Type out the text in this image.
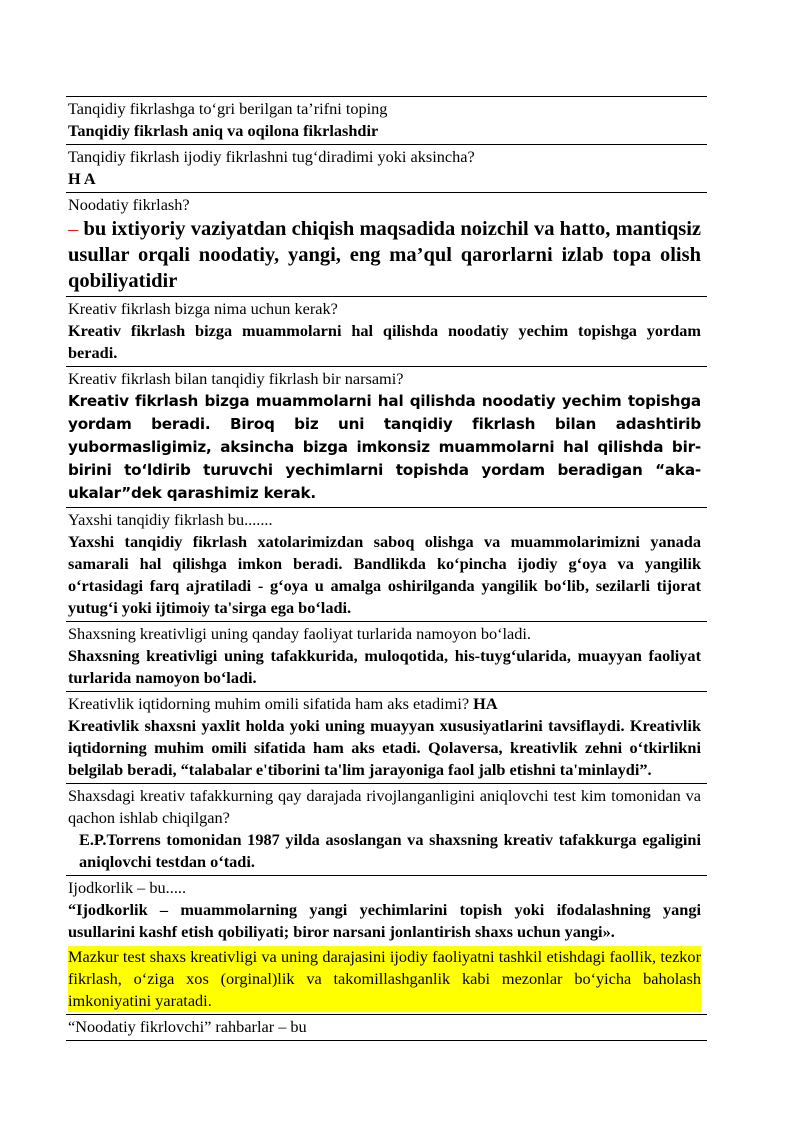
Tanqidiy fikrlashga to‘gri berilgan ta’rifni toping
Tanqidiy fikrlash aniq va oqilona fikrlashdir
Tanqidiy fikrlash ijodiy fikrlashni tug‘diradimi yoki aksincha?
H A
Noodatiy fikrlash?
– bu ixtiyoriy vaziyatdan chiqish maqsadida noizchil va hatto, mantiqsiz usullar orqali noodatiy, yangi, eng ma’qul qarorlarni izlab topa olish qobiliyatidir
Kreativ fikrlash bizga nima uchun kerak?
Kreativ fikrlash bizga muammolarni hal qilishda noodatiy yechim topishga yordam beradi.
Kreativ fikrlash bilan tanqidiy fikrlash bir narsami?
Kreativ fikrlash bizga muammolarni hal qilishda noodatiy yechim topishga yordam beradi. Biroq biz uni tanqidiy fikrlash bilan adashtirib yubormasligimiz, aksincha bizga imkonsiz muammolarni hal qilishda bir-birini to‘ldirib turuvchi yechimlarni topishda yordam beradigan “aka-ukalar”dek qarashimiz kerak.
Yaxshi tanqidiy fikrlash bu.......
Yaxshi tanqidiy fikrlash xatolarimizdan saboq olishga va muammolarimizni yanada samarali hal qilishga imkon beradi. Bandlikda ko‘pincha ijodiy g‘oya va yangilik o‘rtasidagi farq ajratiladi - g‘oya u amalga oshirilganda yangilik bo‘lib, sezilarli tijorat yutug‘i yoki ijtimoiy ta'sirga ega bo‘ladi.
Shaxsning kreativligi uning qanday faoliyat turlarida namoyon bo‘ladi.
Shaxsning kreativligi uning tafakkurida, muloqotida, his-tuyg‘ularida, muayyan faoliyat turlarida namoyon bo‘ladi.
Kreativlik iqtidorning muhim omili sifatida ham aks etadimi? HA
Kreativlik shaxsni yaxlit holda yoki uning muayyan xususiyatlarini tavsiflaydi. Kreativlik iqtidorning muhim omili sifatida ham aks etadi. Qolaversa, kreativlik zehni o‘tkirlikni belgilab beradi, “talabalar e'tiborini ta'lim jarayoniga faol jalb etishni ta'minlaydi”.
Shaxsdagi kreativ tafakkurning qay darajada rivojlanganligini aniqlovchi test kim tomonidan va qachon ishlab chiqilgan?
E.P.Torrens tomonidan 1987 yilda asoslangan va shaxsning kreativ tafakkurga egaligini aniqlovchi testdan o‘tadi.
Ijodkorlik – bu.....
“Ijodkorlik – muammolarning yangi yechimlarini topish yoki ifodalashning yangi usullarini kashf etish qobiliyati; biror narsani jonlantirish shaxs uchun yangi».
Mazkur test shaxs kreativligi va uning darajasini ijodiy faoliyatni tashkil etishdagi faollik, tezkor fikrlash, o‘ziga xos (orginal)lik va takomillashganlik kabi mezonlar bo‘yicha baholash imkoniyatini yaratadi.
“Noodatiy fikrlovchi” rahbarlar – bu
